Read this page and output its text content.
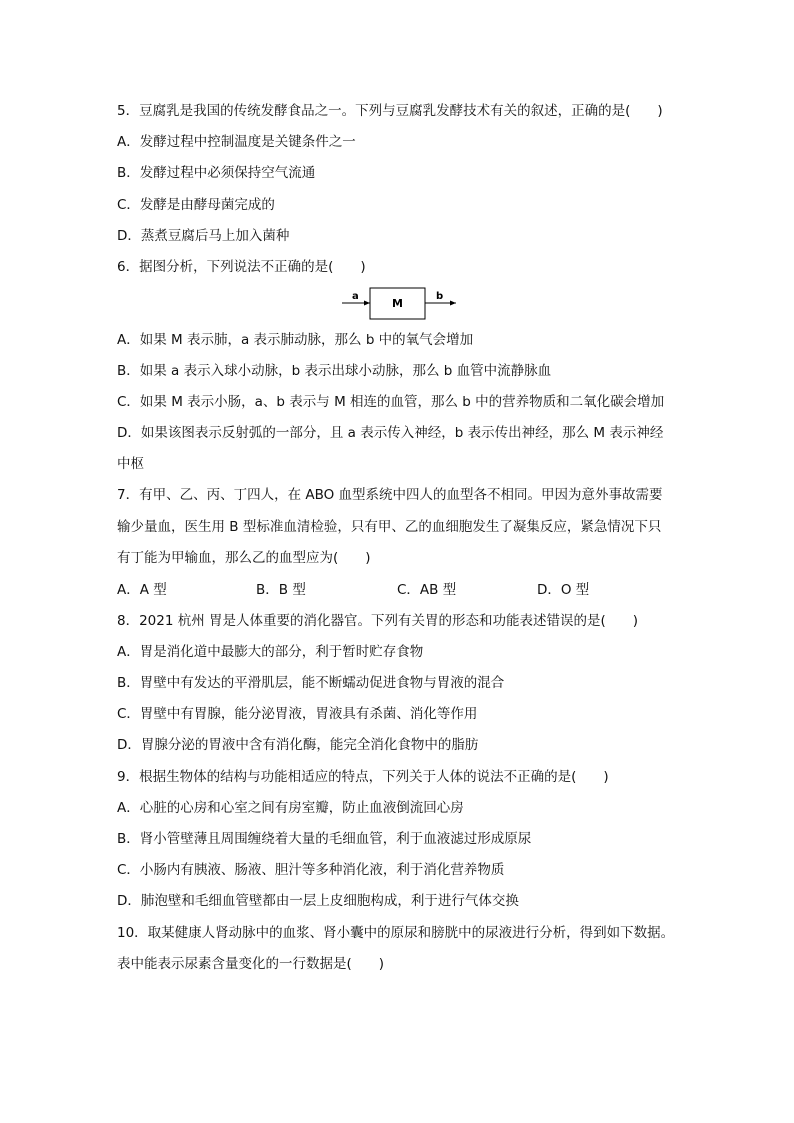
5．豆腐乳是我国的传统发酵食品之一。下列与豆腐乳发酵技术有关的叙述，正确的是(　　)
A．发酵过程中控制温度是关键条件之一
B．发酵过程中必须保持空气流通
C．发酵是由酵母菌完成的
D．蒸煮豆腐后马上加入菌种
6．据图分析，下列说法不正确的是(　　)
a
M
b
A．如果 M 表示肺，a 表示肺动脉，那么 b 中的氧气会增加
B．如果 a 表示入球小动脉，b 表示出球小动脉，那么 b 血管中流静脉血
C．如果 M 表示小肠，a、b 表示与 M 相连的血管，那么 b 中的营养物质和二氧化碳会增加
D．如果该图表示反射弧的一部分，且 a 表示传入神经，b 表示传出神经，那么 M 表示神经
中枢
7．有甲、乙、丙、丁四人，在 ABO 血型系统中四人的血型各不相同。甲因为意外事故需要
输少量血，医生用 B 型标准血清检验，只有甲、乙的血细胞发生了凝集反应，紧急情况下只
有丁能为甲输血，那么乙的血型应为(　　)
A．A 型	B．B 型	C．AB 型	D．O 型
8．2021 杭州 胃是人体重要的消化器官。下列有关胃的形态和功能表述错误的是(　　)
A．胃是消化道中最膨大的部分，利于暂时贮存食物
B．胃壁中有发达的平滑肌层，能不断蠕动促进食物与胃液的混合
C．胃壁中有胃腺，能分泌胃液，胃液具有杀菌、消化等作用
D．胃腺分泌的胃液中含有消化酶，能完全消化食物中的脂肪
9．根据生物体的结构与功能相适应的特点，下列关于人体的说法不正确的是(　　)
A．心脏的心房和心室之间有房室瓣，防止血液倒流回心房
B．肾小管壁薄且周围缠绕着大量的毛细血管，利于血液滤过形成原尿
C．小肠内有胰液、肠液、胆汁等多种消化液，利于消化营养物质
D．肺泡壁和毛细血管壁都由一层上皮细胞构成，利于进行气体交换
10．取某健康人肾动脉中的血浆、肾小囊中的原尿和膀胱中的尿液进行分析，得到如下数据。
表中能表示尿素含量变化的一行数据是(　　)
